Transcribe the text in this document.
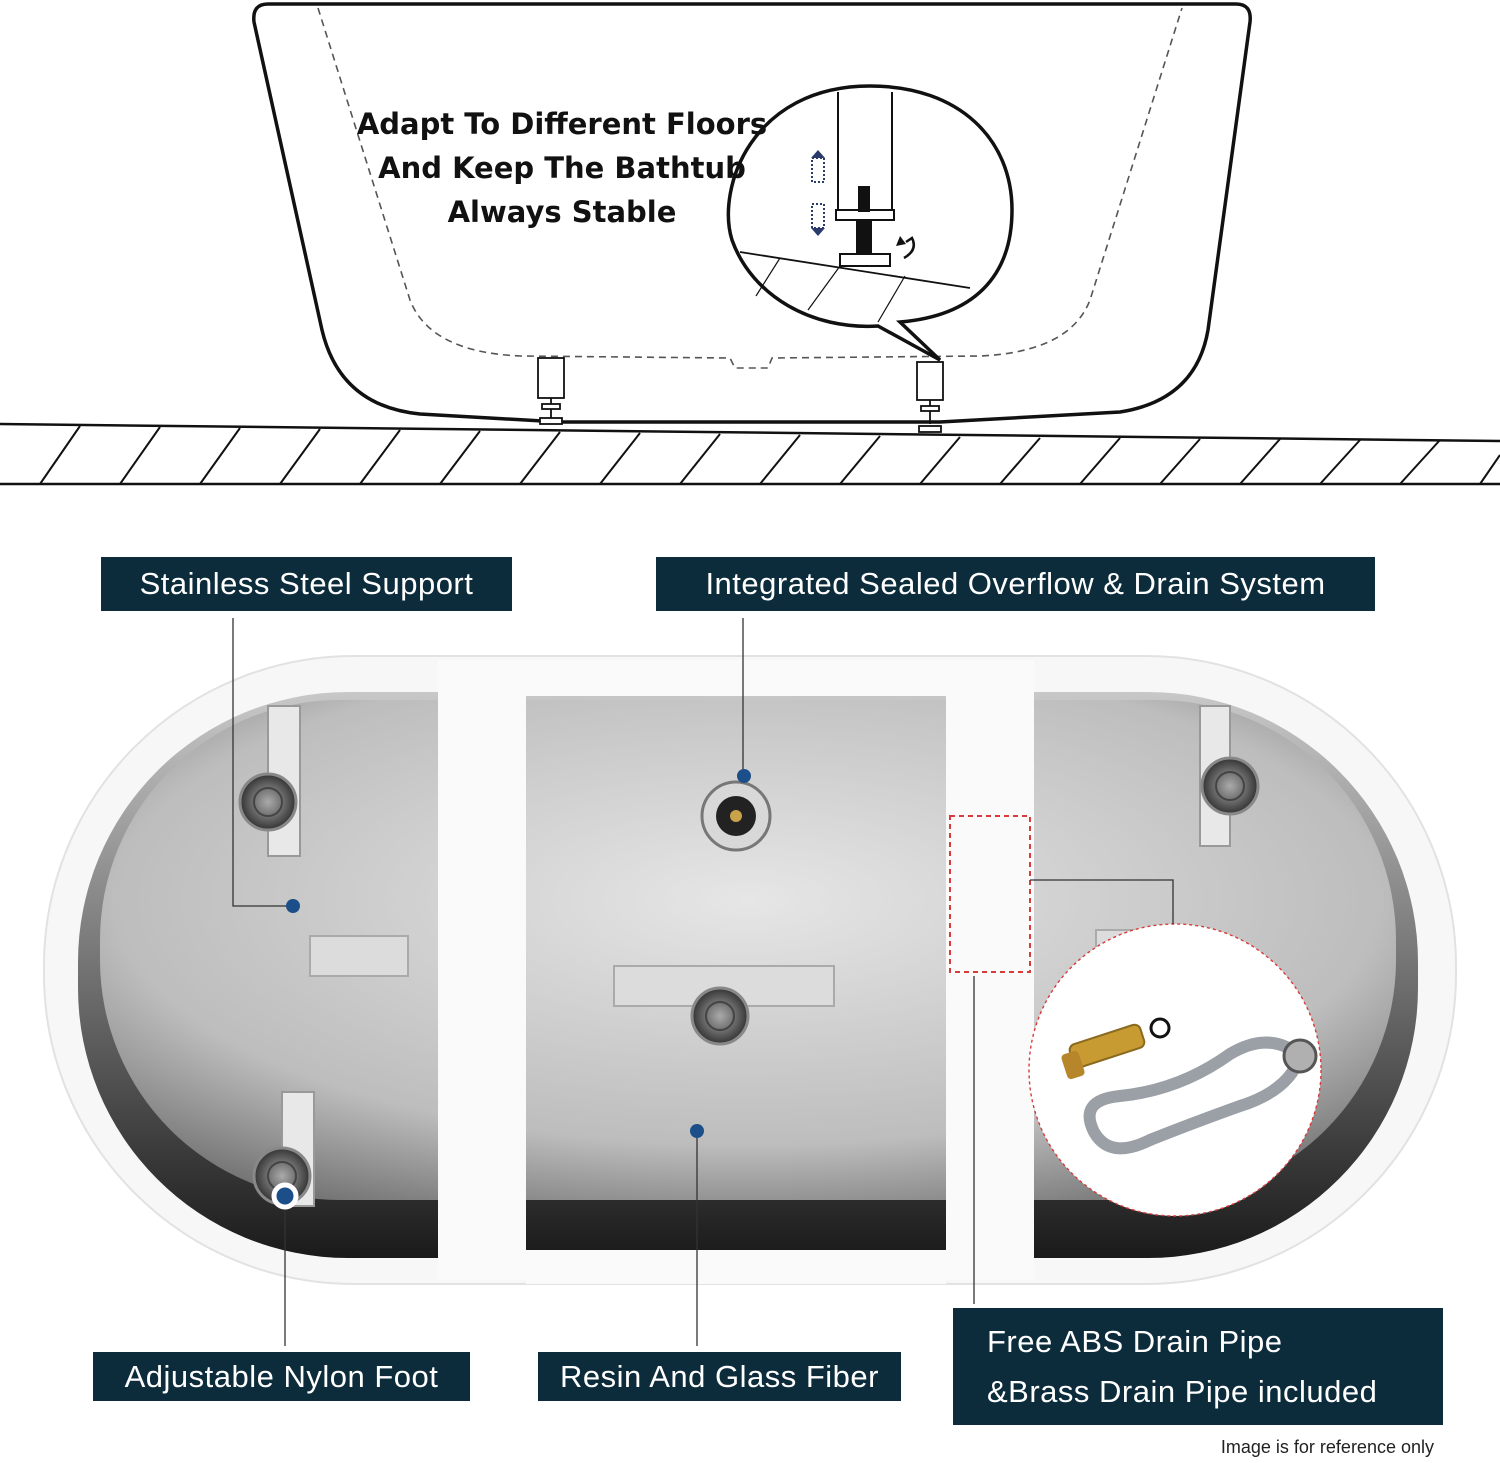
Adapt To Different Floors
And Keep The Bathtub
Always Stable
Stainless Steel Support	Integrated Sealed Overflow & Drain System
Adjustable Nylon Foot	Resin And Glass Fiber
Free ABS Drain Pipe
&Brass Drain Pipe included
Image is for reference only
